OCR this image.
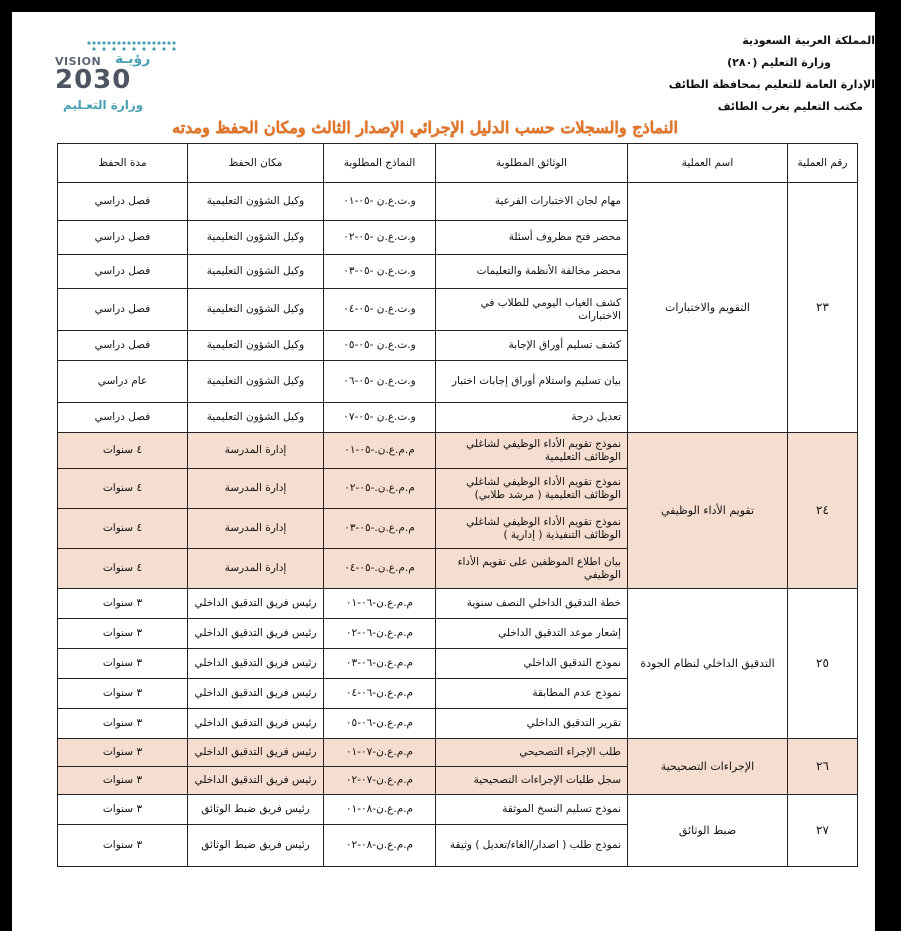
المملكة العربية السعودية
وزارة التعليم (٢٨٠)
الإدارة العامة للتعليم بمحافظة الطائف
مكتب التعليم بغرب الطائف
VISION رؤيـة
2030
وزارة التعـليم
النماذج والسجلات حسب الدليل الإجرائي الإصدار الثالث ومكان الحفظ ومدته
رقم العملية	اسم العملية	الوثائق المطلوبة	النماذج المطلوبة	مكان الحفظ	مدة الحفظ
٢٣	التقويم والاختبارات	مهام لجان الاختبارات الفرعية	و.ت.ع.ن -٠٥-٠١	وكيل الشؤون التعليمية	فصل دراسي
		محضر فتح مظروف أسئلة	و.ت.ع.ن -٠٥-٠٢	وكيل الشؤون التعليمية	فصل دراسي
		محضر مخالفة الأنظمة والتعليمات	و.ت.ع.ن -٠٥-٠٣	وكيل الشؤون التعليمية	فصل دراسي
		كشف الغياب اليومي للطلاب في الاختبارات	و.ت.ع.ن -٠٥-٠٤	وكيل الشؤون التعليمية	فصل دراسي
		كشف تسليم أوراق الإجابة	و.ت.ع.ن -٠٥-٠٥	وكيل الشؤون التعليمية	فصل دراسي
		بيان تسليم واستلام أوراق إجابات اختبار	و.ت.ع.ن -٠٥-٠٦	وكيل الشؤون التعليمية	عام دراسي
		تعديل درجة	و.ت.ع.ن -٠٥-٠٧	وكيل الشؤون التعليمية	فصل دراسي
٢٤	تقويم الأداء الوظيفي	نموذج تقويم الأداء الوظيفي لشاغلي الوظائف التعليمية	م.م.ع.ن.-٠٥-٠١	إدارة المدرسة	٤ سنوات
		نموذج تقويم الأداء الوظيفي لشاغلي الوظائف التعليمية ( مرشد طلابي)	م.م.ع.ن.-٠٥-٠٢	إدارة المدرسة	٤ سنوات
		نموذج تقويم الأداء الوظيفي لشاغلي الوظائف التنفيذية ( إدارية )	م.م.ع.ن.-٠٥-٠٣	إدارة المدرسة	٤ سنوات
		بيان اطلاع الموظفين على تقويم الأداء الوظيفي	م.م.ع.ن.-٠٥-٠٤	إدارة المدرسة	٤ سنوات
٢٥	التدقيق الداخلي لنظام الجودة	خطة التدقيق الداخلي النصف سنوية	م.م.ع.ن-٠٦-٠١	رئيس فريق التدقيق الداخلي	٣ سنوات
		إشعار موعد التدقيق الداخلي	م.م.ع.ن-٠٦-٠٢	رئيس فريق التدقيق الداخلي	٣ سنوات
		نموذج التدقيق الداخلي	م.م.ع.ن-٠٦-٠٣	رئيس فريق التدقيق الداخلي	٣ سنوات
		نموذج عدم المطابقة	م.م.ع.ن-٠٦-٠٤	رئيس فريق التدقيق الداخلي	٣ سنوات
		تقرير التدقيق الداخلي	م.م.ع.ن-٠٦-٠٥	رئيس فريق التدقيق الداخلي	٣ سنوات
٢٦	الإجراءات التصحيحية	طلب الإجراء التصحيحي	م.م.ع.ن-٠٧-٠١	رئيس فريق التدقيق الداخلي	٣ سنوات
		سجل طلبات الإجراءات التصحيحية	م.م.ع.ن-٠٧-٠٢	رئيس فريق التدقيق الداخلي	٣ سنوات
٢٧	ضبط الوثائق	نموذج تسليم النسخ الموثقة	م.م.ع.ن-٠٨-٠١	رئيس فريق ضبط الوثائق	٣ سنوات
		نموذج طلب ( اصدار/الغاء/تعديل ) وثيقة	م.م.ع.ن-٠٨-٠٢	رئيس فريق ضبط الوثائق	٣ سنوات
